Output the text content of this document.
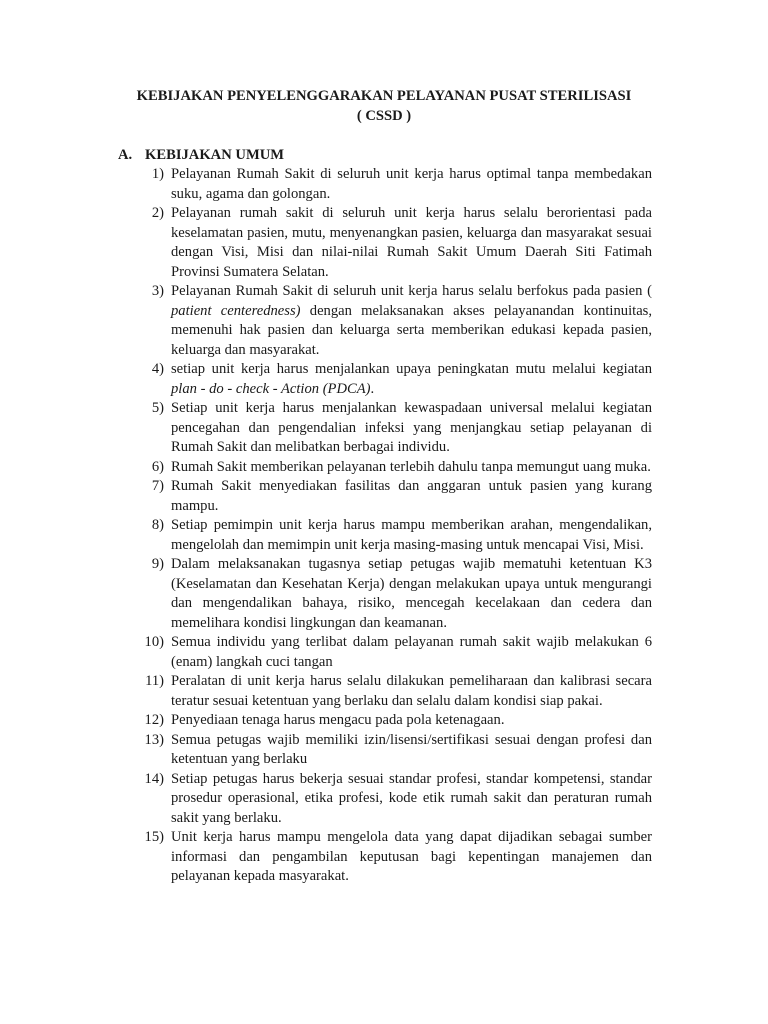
KEBIJAKAN PENYELENGGARAKAN PELAYANAN PUSAT STERILISASI

( CSSD )

A. KEBIJAKAN UMUM

1) Pelayanan Rumah Sakit di seluruh unit kerja harus optimal tanpa membedakan suku, agama dan golongan.
2) Pelayanan rumah sakit di seluruh unit kerja harus selalu berorientasi pada keselamatan pasien, mutu, menyenangkan pasien, keluarga dan masyarakat sesuai dengan Visi, Misi dan nilai-nilai Rumah Sakit Umum Daerah Siti Fatimah Provinsi Sumatera Selatan.
3) Pelayanan Rumah Sakit di seluruh unit kerja harus selalu berfokus pada pasien ( patient centeredness) dengan melaksanakan akses pelayanandan kontinuitas, memenuhi hak pasien dan keluarga serta memberikan edukasi kepada pasien, keluarga dan masyarakat.
4) setiap unit kerja harus menjalankan upaya peningkatan mutu melalui kegiatan plan - do - check - Action (PDCA).
5) Setiap unit kerja harus menjalankan kewaspadaan universal melalui kegiatan pencegahan dan pengendalian infeksi yang menjangkau setiap pelayanan di Rumah Sakit dan melibatkan berbagai individu.
6) Rumah Sakit memberikan pelayanan terlebih dahulu tanpa memungut uang muka.
7) Rumah Sakit menyediakan fasilitas dan anggaran untuk pasien yang kurang mampu.
8) Setiap pemimpin unit kerja harus mampu memberikan arahan, mengendalikan, mengelolah dan memimpin unit kerja masing-masing untuk mencapai Visi, Misi.
9) Dalam melaksanakan tugasnya setiap petugas wajib mematuhi ketentuan K3 (Keselamatan dan Kesehatan Kerja) dengan melakukan upaya untuk mengurangi dan mengendalikan bahaya, risiko, mencegah kecelakaan dan cedera dan memelihara kondisi lingkungan dan keamanan.
10) Semua individu yang terlibat dalam pelayanan rumah sakit wajib melakukan 6 (enam) langkah cuci tangan
11) Peralatan di unit kerja harus selalu dilakukan pemeliharaan dan kalibrasi secara teratur sesuai ketentuan yang berlaku dan selalu dalam kondisi siap pakai.
12) Penyediaan tenaga harus mengacu pada pola ketenagaan.
13) Semua petugas wajib memiliki izin/lisensi/sertifikasi sesuai dengan profesi dan ketentuan yang berlaku
14) Setiap petugas harus bekerja sesuai standar profesi, standar kompetensi, standar prosedur operasional, etika profesi, kode etik rumah sakit dan peraturan rumah sakit yang berlaku.
15) Unit kerja harus mampu mengelola data yang dapat dijadikan sebagai sumber informasi dan pengambilan keputusan bagi kepentingan manajemen dan pelayanan kepada masyarakat.
